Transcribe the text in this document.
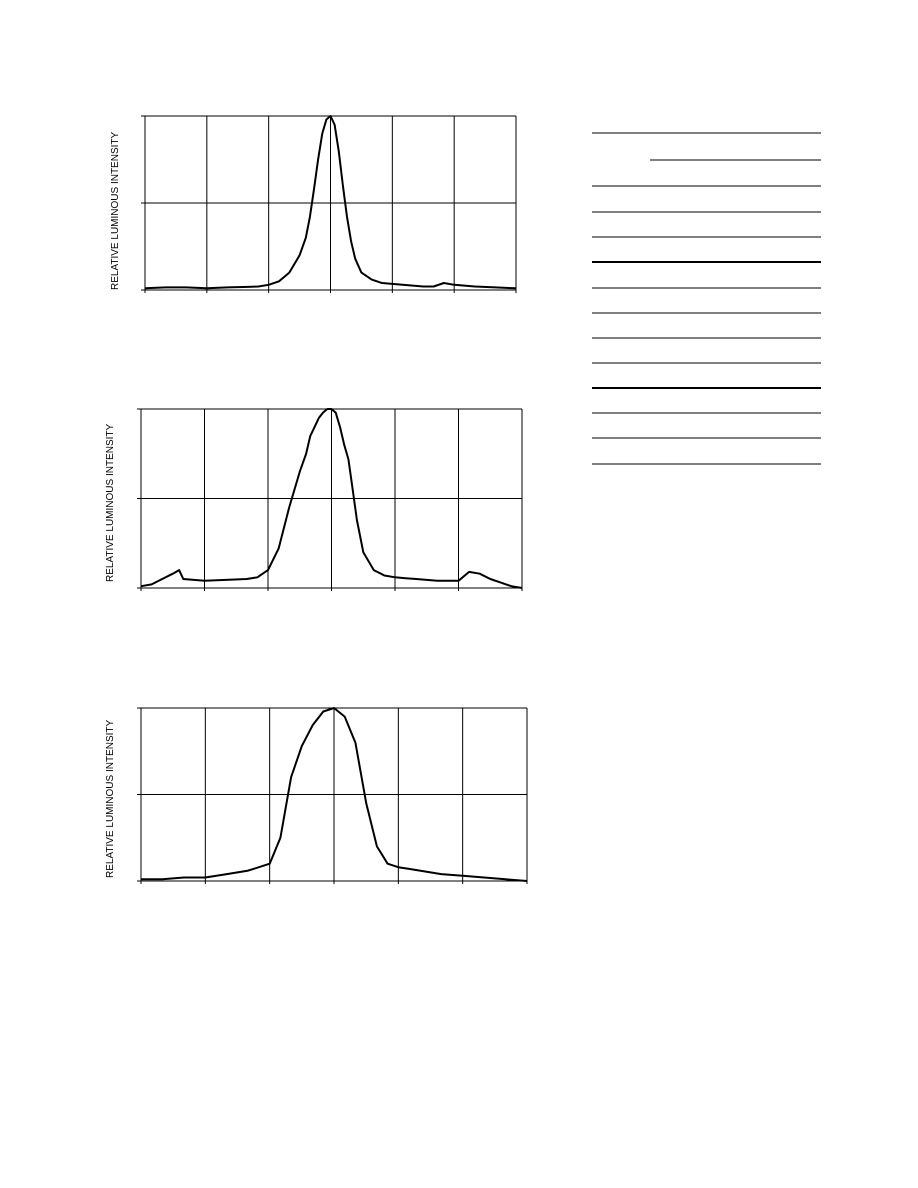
RELATIVE LUMINOUS INTENSITY
RELATIVE LUMINOUS INTENSITY
RELATIVE LUMINOUS INTENSITY
